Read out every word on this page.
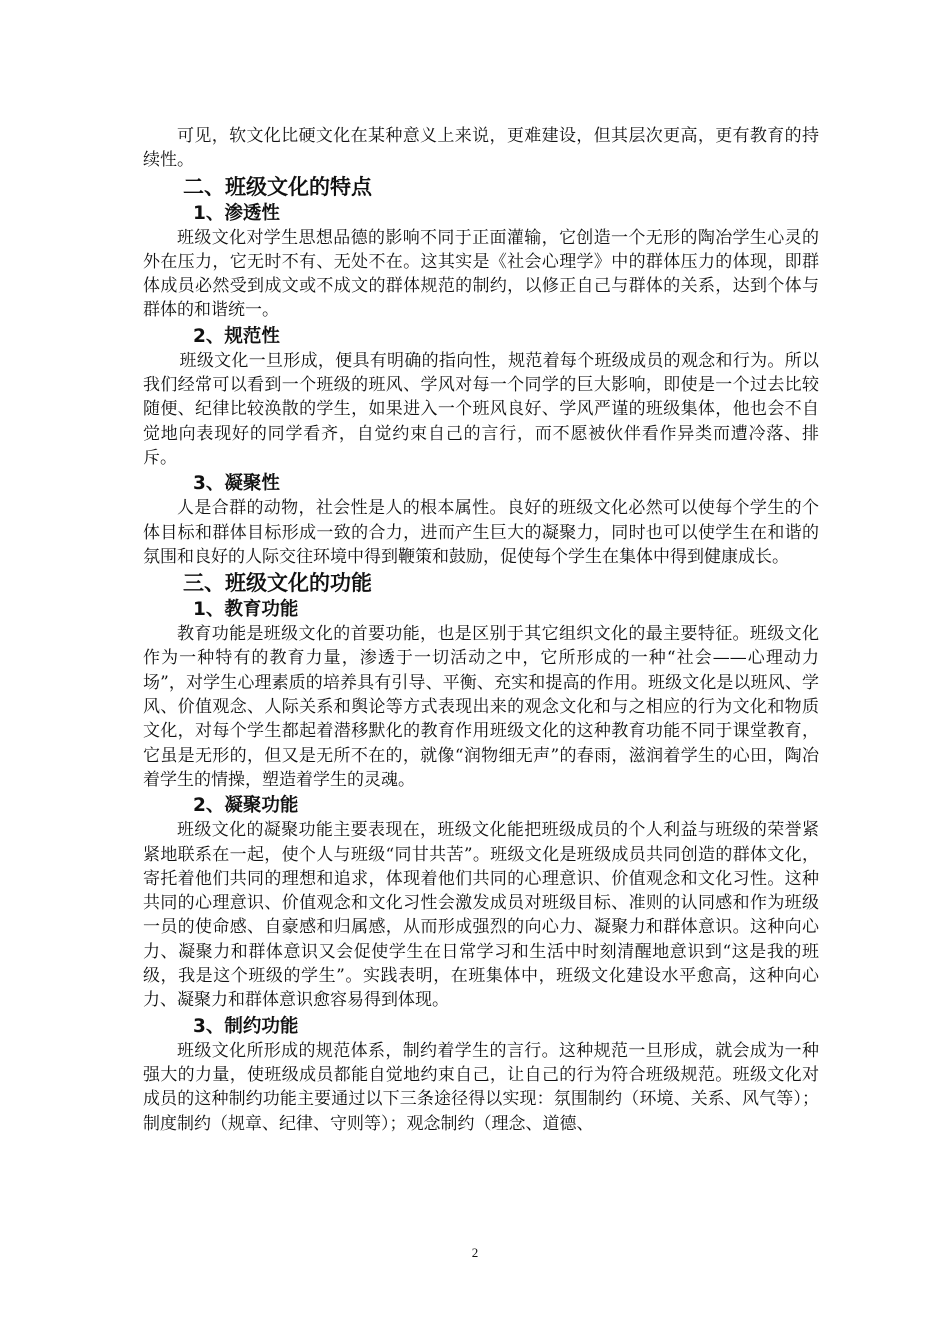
可见，软文化比硬文化在某种意义上来说，更难建设，但其层次更高，更有教育的持续性。

二、班级文化的特点
1、渗透性

班级文化对学生思想品德的影响不同于正面灌输，它创造一个无形的陶冶学生心灵的外在压力，它无时不有、无处不在。这其实是《社会心理学》中的群体压力的体现，即群体成员必然受到成文或不成文的群体规范的制约，以修正自己与群体的关系，达到个体与群体的和谐统一。

2、规范性

班级文化一旦形成，便具有明确的指向性，规范着每个班级成员的观念和行为。所以我们经常可以看到一个班级的班风、学风对每一个同学的巨大影响，即使是一个过去比较随便、纪律比较涣散的学生，如果进入一个班风良好、学风严谨的班级集体，他也会不自觉地向表现好的同学看齐，自觉约束自己的言行，而不愿被伙伴看作异类而遭冷落、排斥。

3、凝聚性

人是合群的动物，社会性是人的根本属性。良好的班级文化必然可以使每个学生的个体目标和群体目标形成一致的合力，进而产生巨大的凝聚力，同时也可以使学生在和谐的氛围和良好的人际交往环境中得到鞭策和鼓励，促使每个学生在集体中得到健康成长。

三、班级文化的功能
1、教育功能

教育功能是班级文化的首要功能，也是区别于其它组织文化的最主要特征。班级文化作为一种特有的教育力量，渗透于一切活动之中，它所形成的一种“社会——心理动力场”，对学生心理素质的培养具有引导、平衡、充实和提高的作用。班级文化是以班风、学风、价值观念、人际关系和舆论等方式表现出来的观念文化和与之相应的行为文化和物质文化，对每个学生都起着潜移默化的教育作用班级文化的这种教育功能不同于课堂教育，它虽是无形的，但又是无所不在的，就像“润物细无声”的春雨，滋润着学生的心田，陶冶着学生的情操，塑造着学生的灵魂。

2、凝聚功能

班级文化的凝聚功能主要表现在，班级文化能把班级成员的个人利益与班级的荣誉紧紧地联系在一起，使个人与班级“同甘共苦”。班级文化是班级成员共同创造的群体文化，寄托着他们共同的理想和追求，体现着他们共同的心理意识、价值观念和文化习性。这种共同的心理意识、价值观念和文化习性会激发成员对班级目标、准则的认同感和作为班级一员的使命感、自豪感和归属感，从而形成强烈的向心力、凝聚力和群体意识。这种向心力、凝聚力和群体意识又会促使学生在日常学习和生活中时刻清醒地意识到“这是我的班级，我是这个班级的学生”。实践表明，在班集体中，班级文化建设水平愈高，这种向心力、凝聚力和群体意识愈容易得到体现。

3、制约功能

班级文化所形成的规范体系，制约着学生的言行。这种规范一旦形成，就会成为一种强大的力量，使班级成员都能自觉地约束自己，让自己的行为符合班级规范。班级文化对成员的这种制约功能主要通过以下三条途径得以实现：氛围制约（环境、关系、风气等）；制度制约（规章、纪律、守则等）；观念制约（理念、道德、

2
